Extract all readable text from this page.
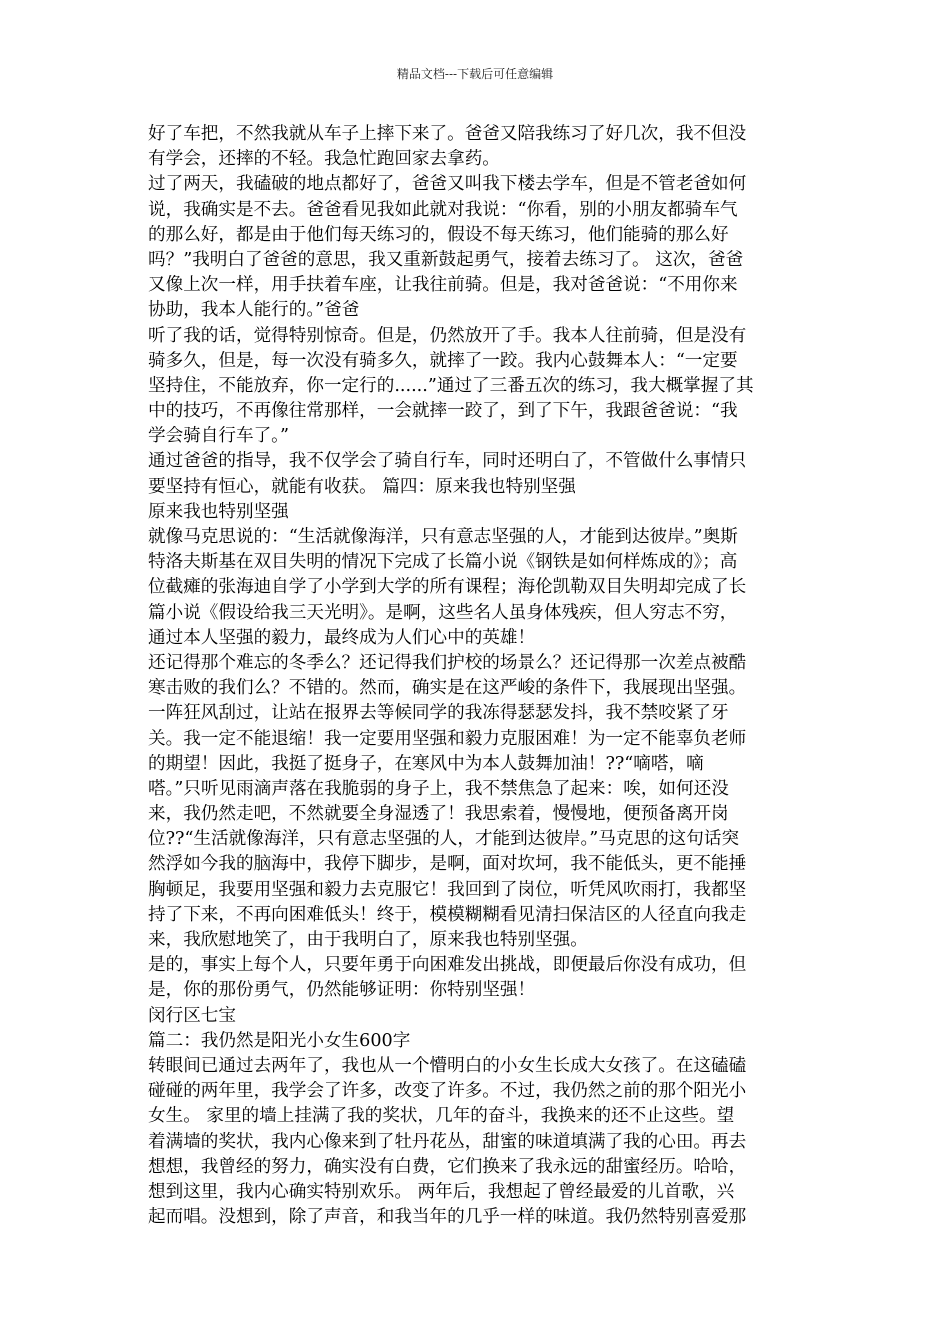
精品文档---下载后可任意编辑
好了车把，不然我就从车子上摔下来了。爸爸又陪我练习了好几次，我不但没
有学会，还摔的不轻。我急忙跑回家去拿药。
过了两天，我磕破的地点都好了，爸爸又叫我下楼去学车，但是不管老爸如何
说，我确实是不去。爸爸看见我如此就对我说：“你看，别的小朋友都骑车气
的那么好，都是由于他们每天练习的，假设不每天练习，他们能骑的那么好
吗？”我明白了爸爸的意思，我又重新鼓起勇气，接着去练习了。 这次，爸爸
又像上次一样，用手扶着车座，让我往前骑。但是，我对爸爸说：“不用你来
协助，我本人能行的。”爸爸
听了我的话，觉得特别惊奇。但是，仍然放开了手。我本人往前骑，但是没有
骑多久，但是，每一次没有骑多久，就摔了一跤。我内心鼓舞本人：“一定要
坚持住，不能放弃，你一定行的......”通过了三番五次的练习，我大概掌握了其
中的技巧，不再像往常那样，一会就摔一跤了，到了下午，我跟爸爸说：“我
学会骑自行车了。”
通过爸爸的指导，我不仅学会了骑自行车，同时还明白了，不管做什么事情只
要坚持有恒心，就能有收获。 篇四：原来我也特别坚强
原来我也特别坚强
就像马克思说的：“生活就像海洋，只有意志坚强的人，才能到达彼岸。”奥斯
特洛夫斯基在双目失明的情况下完成了长篇小说《钢铁是如何样炼成的》；高
位截瘫的张海迪自学了小学到大学的所有课程；海伦凯勒双目失明却完成了长
篇小说《假设给我三天光明》。是啊，这些名人虽身体残疾，但人穷志不穷，
通过本人坚强的毅力，最终成为人们心中的英雄！
还记得那个难忘的冬季么？还记得我们护校的场景么？还记得那一次差点被酷
寒击败的我们么？不错的。然而，确实是在这严峻的条件下，我展现出坚强。
一阵狂风刮过，让站在报界去等候同学的我冻得瑟瑟发抖，我不禁咬紧了牙
关。我一定不能退缩！我一定要用坚强和毅力克服困难！为一定不能辜负老师
的期望！因此，我挺了挺身子，在寒风中为本人鼓舞加油！??“嘀嗒，嘀
嗒。”只听见雨滴声落在我脆弱的身子上，我不禁焦急了起来：唉，如何还没
来，我仍然走吧，不然就要全身湿透了！我思索着，慢慢地，便预备离开岗
位??“生活就像海洋，只有意志坚强的人，才能到达彼岸。”马克思的这句话突
然浮如今我的脑海中，我停下脚步，是啊，面对坎坷，我不能低头，更不能捶
胸顿足，我要用坚强和毅力去克服它！我回到了岗位，听凭风吹雨打，我都坚
持了下来，不再向困难低头！终于，模模糊糊看见清扫保洁区的人径直向我走
来，我欣慰地笑了，由于我明白了，原来我也特别坚强。
是的，事实上每个人，只要年勇于向困难发出挑战，即便最后你没有成功，但
是，你的那份勇气，仍然能够证明：你特别坚强！
闵行区七宝
篇二：我仍然是阳光小女生600字
转眼间已通过去两年了，我也从一个懵明白的小女生长成大女孩了。在这磕磕
碰碰的两年里，我学会了许多，改变了许多。不过，我仍然之前的那个阳光小
女生。 家里的墙上挂满了我的奖状，几年的奋斗，我换来的还不止这些。望
着满墙的奖状，我内心像来到了牡丹花丛，甜蜜的味道填满了我的心田。再去
想想，我曾经的努力，确实没有白费，它们换来了我永远的甜蜜经历。哈哈，
想到这里，我内心确实特别欢乐。 两年后，我想起了曾经最爱的儿首歌，兴
起而唱。没想到，除了声音，和我当年的几乎一样的味道。我仍然特别喜爱那
